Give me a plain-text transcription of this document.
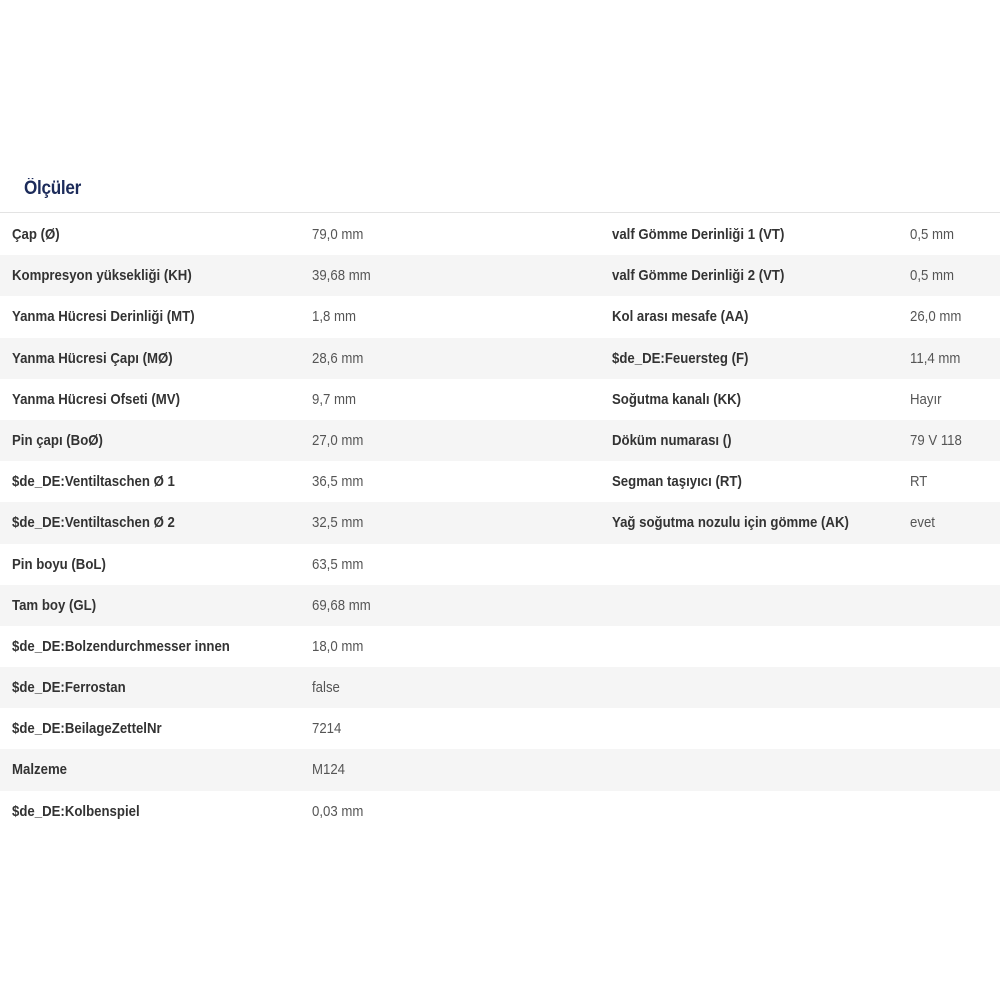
Ölçüler
Çap (Ø)	79,0 mm	valf Gömme Derinliği 1 (VT)	0,5 mm
Kompresyon yüksekliği (KH)	39,68 mm	valf Gömme Derinliği 2 (VT)	0,5 mm
Yanma Hücresi Derinliği (MT)	1,8 mm	Kol arası mesafe (AA)	26,0 mm
Yanma Hücresi Çapı (MØ)	28,6 mm	$de_DE:Feuersteg (F)	11,4 mm
Yanma Hücresi Ofseti (MV)	9,7 mm	Soğutma kanalı (KK)	Hayır
Pin çapı (BoØ)	27,0 mm	Döküm numarası ()	79 V 118
$de_DE:Ventiltaschen Ø 1	36,5 mm	Segman taşıyıcı (RT)	RT
$de_DE:Ventiltaschen Ø 2	32,5 mm	Yağ soğutma nozulu için gömme (AK)	evet
Pin boyu (BoL)	63,5 mm
Tam boy (GL)	69,68 mm
$de_DE:Bolzendurchmesser innen	18,0 mm
$de_DE:Ferrostan	false
$de_DE:BeilageZettelNr	7214
Malzeme	M124
$de_DE:Kolbenspiel	0,03 mm
